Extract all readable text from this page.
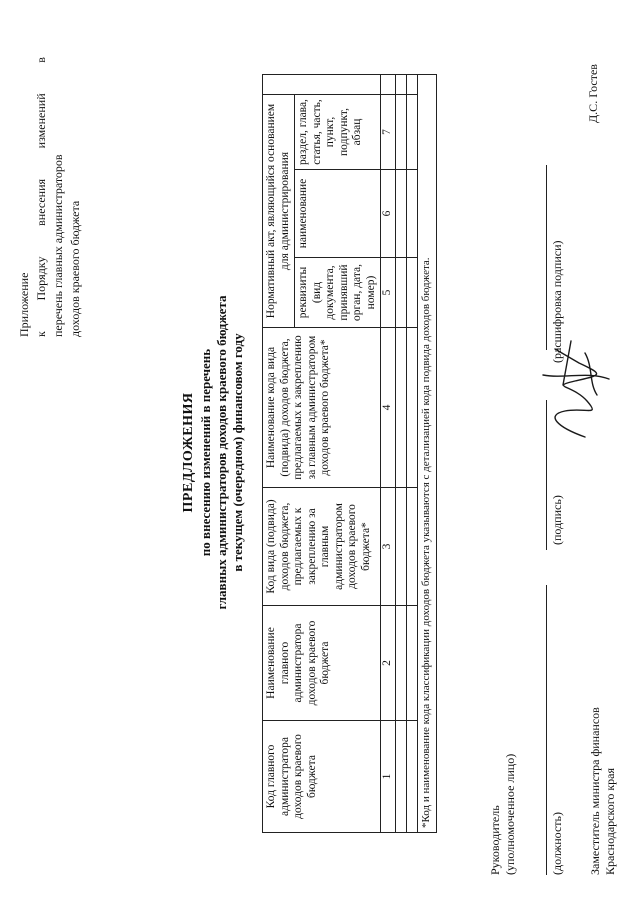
Приложение к
Порядку
внесения
изменений
в
перечень главных администраторов доходов краевого бюджета
ПРЕДЛОЖЕНИЯ по внесению изменений в перечень главных администраторов доходов краевого бюджета в текущем (очередном) финансовом году
Код главного администратора доходов краевого бюджета	Наименование главного администратора доходов краевого бюджета	Код вида (подвида) доходов бюджета, предлагаемых к закреплению за главным администратором доходов краевого бюджета*	Наименование кода вида (подвида) доходов бюджета, предлагаемых к закреплению за главным администратором доходов краевого бюджета*	Нормативный акт, являющийся основанием для администрирования			
				реквизиты (вид документа, принявший орган, дата, номер)	наименование	раздел, глава, статья, часть, пункт, подпункт, абзац	
1	2	3	4	5	6	7	

*Код и наименование кода классификации доходов бюджета указываются с детализацией кода подвида доходов бюджета.							
Руководитель (уполномоченное лицо)	(должность)
(подпись)
(расшифровка подписи)
Заместитель министра финансов Краснодарского края
Д.С. Гостев
